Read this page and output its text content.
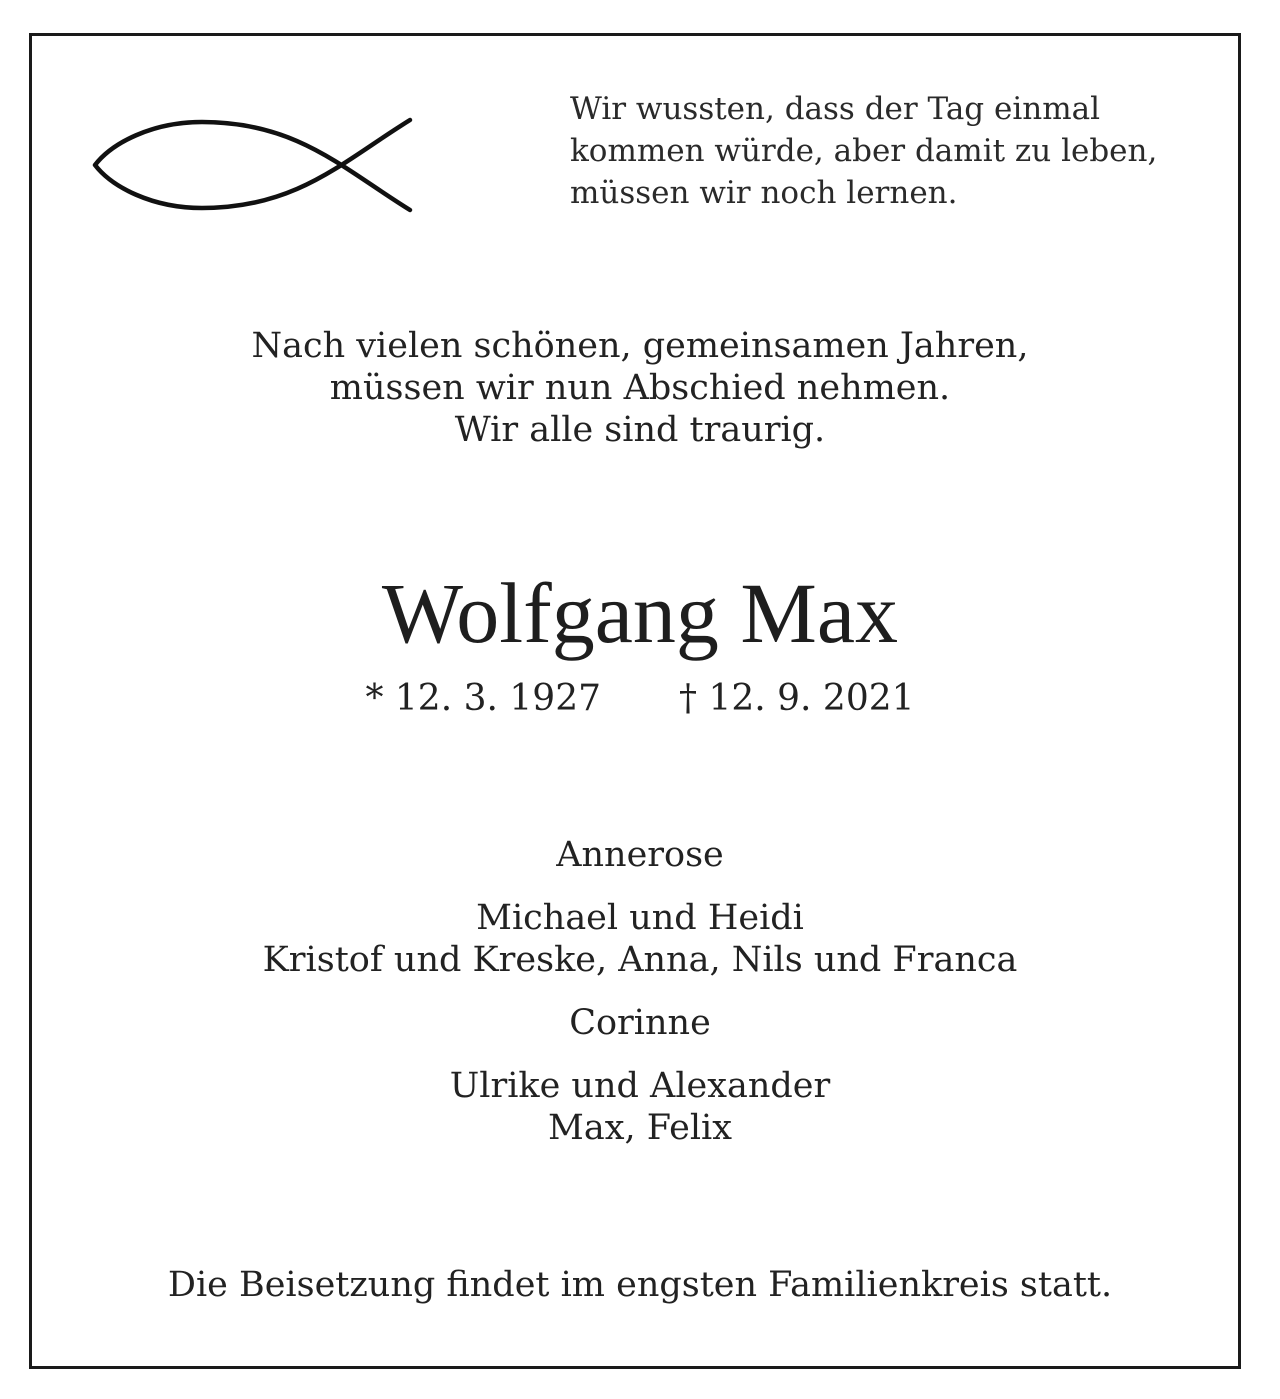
Wir wussten, dass der Tag einmal
kommen würde, aber damit zu leben,
müssen wir noch lernen.
Nach vielen schönen, gemeinsamen Jahren,
müssen wir nun Abschied nehmen.
Wir alle sind traurig.
Wolfgang Max
* 12. 3. 1927 † 12. 9. 2021
Annerose
Michael und Heidi
Kristof und Kreske, Anna, Nils und Franca
Corinne
Ulrike und Alexander
Max, Felix
Die Beisetzung findet im engsten Familienkreis statt.
